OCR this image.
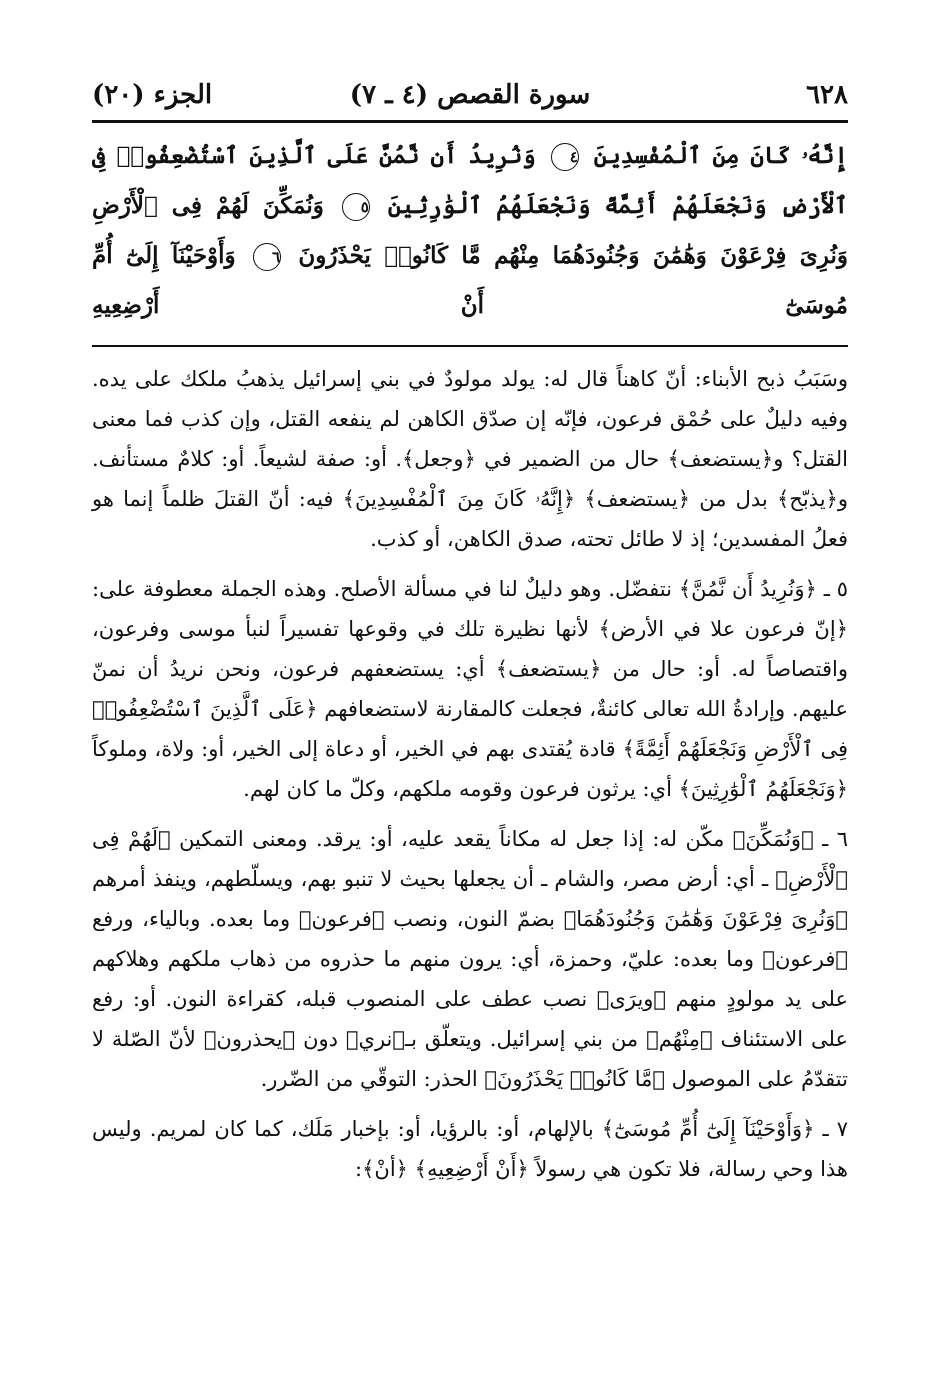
٦٢٨
سورة القصص (٤ ـ ٧)
الجزء (٢٠)
إِنَّهُۥ كَانَ مِنَ ٱلْمُفْسِدِينَ ٤ وَنُرِيدُ أَن نَّمُنَّ عَلَى ٱلَّذِينَ ٱسْتُضْعِفُوا۟ فِى ٱلْأَرْضِ وَنَجْعَلَهُمْ أَئِمَّةً وَنَجْعَلَهُمُ ٱلْوَٰرِثِينَ ٥ وَنُمَكِّنَ لَهُمْ فِى ٱلْأَرْضِ وَنُرِىَ فِرْعَوْنَ وَهَٰمَٰنَ وَجُنُودَهُمَا مِنْهُم مَّا كَانُوا۟ يَحْذَرُونَ ٦ وَأَوْحَيْنَآ إِلَىٰٓ أُمِّ مُوسَىٰٓ أَنْ أَرْضِعِيهِ

وسَبَبُ ذبح الأبناء: أنّ كاهناً قال له: يولد مولودٌ في بني إسرائيل يذهبُ ملكك على يده. وفيه دليلٌ على حُمْق فرعون، فإنّه إن صدّق الكاهن لم ينفعه القتل، وإن كذب فما معنى القتل؟ و﴿يستضعف﴾ حال من الضمير في ﴿وجعل﴾. أو: صفة لشيعاً. أو: كلامٌ مستأنف. و﴿يذبّح﴾ بدل من ﴿يستضعف﴾ ﴿إِنَّهُۥ كَانَ مِنَ ٱلْمُفْسِدِينَ﴾ فيه: أنّ القتلَ ظلماً إنما هو فعلُ المفسدين؛ إذ لا طائل تحته، صدق الكاهن، أو كذب.

٥ ـ ﴿وَنُرِيدُ أَن نَّمُنَّ﴾ نتفضّل. وهو دليلٌ لنا في مسألة الأصلح. وهذه الجملة معطوفة على: ﴿إنّ فرعون علا في الأرض﴾ لأنها نظيرة تلك في وقوعها تفسيراً لنبأ موسى وفرعون، واقتصاصاً له. أو: حال من ﴿يستضعف﴾ أي: يستضعفهم فرعون، ونحن نريدُ أن نمنّ عليهم. وإرادةُ الله تعالى كائنةٌ، فجعلت كالمقارنة لاستضعافهم ﴿عَلَى ٱلَّذِينَ ٱسْتُضْعِفُوا۟ فِى ٱلْأَرْضِ وَنَجْعَلَهُمْ أَئِمَّةً﴾ قادة يُقتدى بهم في الخير، أو دعاة إلى الخير، أو: ولاة، وملوكاً ﴿وَنَجْعَلَهُمُ ٱلْوَٰرِثِينَ﴾ أي: يرثون فرعون وقومه ملكهم، وكلّ ما كان لهم.

٦ ـ ﴿وَنُمَكِّنَ﴾ مكّن له: إذا جعل له مكاناً يقعد عليه، أو: يرقد. ومعنى التمكين ﴿لَهُمْ فِى ٱلْأَرْضِ﴾ ـ أي: أرض مصر، والشام ـ أن يجعلها بحيث لا تنبو بهم، ويسلّطهم، وينفذ أمرهم ﴿وَنُرِىَ فِرْعَوْنَ وَهَٰمَٰنَ وَجُنُودَهُمَا﴾ بضمّ النون، ونصب ﴿فرعون﴾ وما بعده. وبالياء، ورفع ﴿فرعون﴾ وما بعده: عليّ، وحمزة، أي: يرون منهم ما حذروه من ذهاب ملكهم وهلاكهم على يد مولودٍ منهم ﴿ويرَى﴾ نصب عطف على المنصوب قبله، كقراءة النون. أو: رفع على الاستئناف ﴿مِنْهُم﴾ من بني إسرائيل. ويتعلّق بـ﴿نري﴾ دون ﴿يحذرون﴾ لأنّ الصّلة لا تتقدّمُ على الموصول ﴿مَّا كَانُوا۟ يَحْذَرُونَ﴾ الحذر: التوقّي من الضّرر.

٧ ـ ﴿وَأَوْحَيْنَآ إِلَىٰٓ أُمِّ مُوسَىٰٓ﴾ بالإلهام، أو: بالرؤيا، أو: بإخبار مَلَك، كما كان لمريم. وليس هذا وحي رسالة، فلا تكون هي رسولاً ﴿أَنْ أَرْضِعِيهِ﴾ ﴿أنْ﴾:
